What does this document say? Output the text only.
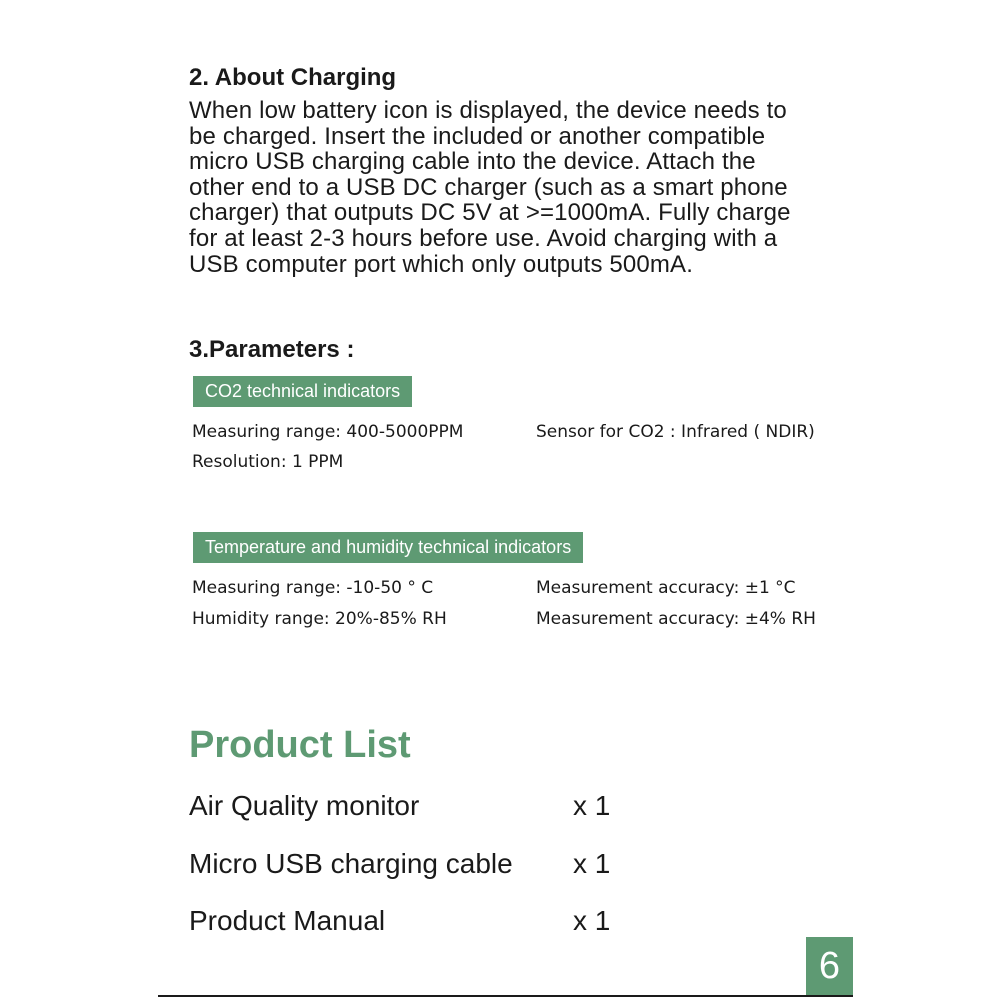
2. About Charging
When low battery icon is displayed, the device needs to
be charged. Insert the included or another compatible
micro USB charging cable into the device. Attach the
other end to a USB DC charger (such as a smart phone
charger) that outputs DC 5V at >=1000mA. Fully charge
for at least 2-3 hours before use. Avoid charging with a
USB computer port which only outputs 500mA.
3.Parameters :
CO2 technical indicators
Measuring range: 400-5000PPM	Sensor for CO2 : Infrared ( NDIR)
Resolution: 1 PPM
Temperature and humidity technical indicators
Measuring range: -10-50 ° C	Measurement accuracy: ±1 °C
Humidity range: 20%-85% RH	Measurement accuracy: ±4% RH
Product List
Air Quality monitor	x 1
Micro USB charging cable x 1
Product Manual	x 1
6
